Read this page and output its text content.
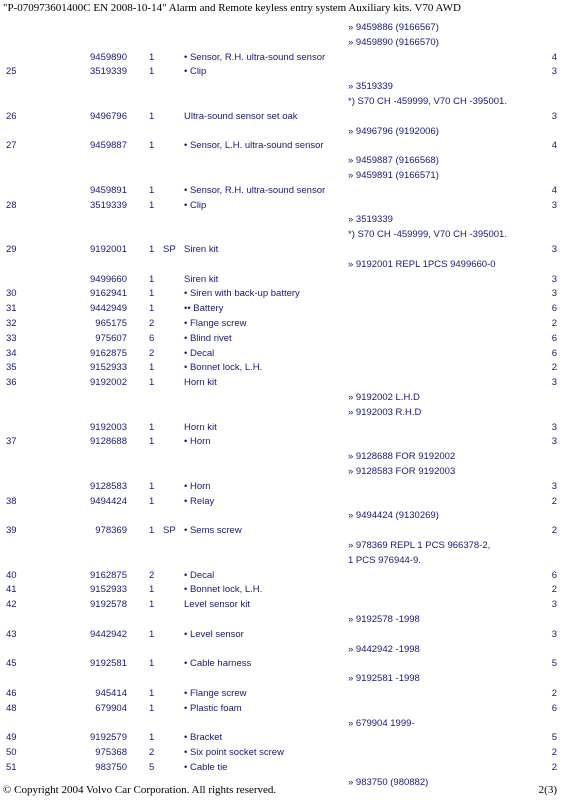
"P-070973601400C EN 2008-10-14" Alarm and Remote keyless entry system Auxiliary kits. V70 AWD
» 9459886 (9166567)
» 9459890 (9166570)
9459890 1	• Sensor, R.H. ultra-sound sensor	4
25	3519339 1	• Clip	3
» 3519339
*) S70 CH -459999, V70 CH -395001.
26	9496796 1	Ultra-sound sensor set oak	3
» 9496796 (9192006)
27	9459887 1	• Sensor, L.H. ultra-sound sensor	4
» 9459887 (9166568)
» 9459891 (9166571)
9459891 1	• Sensor, R.H. ultra-sound sensor	4
28	3519339 1	• Clip	3
» 3519339
*) S70 CH -459999, V70 CH -395001.
29	9192001 1 SP Siren kit	3
» 9192001 REPL 1PCS 9499660-0
9499660 1	Siren kit	3
30	9162941 1	• Siren with back-up battery	3
31	9442949 1	•• Battery	6
32	965175 2	• Flange screw	2
33	975607 6	• Blind rivet	6
34	9162875 2	• Decal	6
35	9152933 1	• Bonnet lock, L.H.	2
36	9192002 1	Horn kit	3
» 9192002 L.H.D
» 9192003 R.H.D
9192003 1	Horn kit	3
37	9128688 1	• Horn	3
» 9128688 FOR 9192002
» 9128583 FOR 9192003
9128583 1	• Horn	3
38	9494424 1	• Relay	2
» 9494424 (9130269)
39	978369 1 SP • Sems screw	2
» 978369 REPL 1 PCS 966378-2,
1 PCS 976944-9.
40	9162875 2	• Decal	6
41	9152933 1	• Bonnet lock, L.H.	2
42	9192578 1	Level sensor kit	3
» 9192578 -1998
43	9442942 1	• Level sensor	3
» 9442942 -1998
45	9192581 1	• Cable harness	5
» 9192581 -1998
46	945414 1	• Flange screw	2
48	679904 1	• Plastic foam	6
» 679904 1999-
49	9192579 1	• Bracket	5
50	975368 2	• Six point socket screw	2
51	983750 5	• Cable tie	2
» 983750 (980882)
© Copyright 2004 Volvo Car Corporation. All rights reserved.	2(3)
